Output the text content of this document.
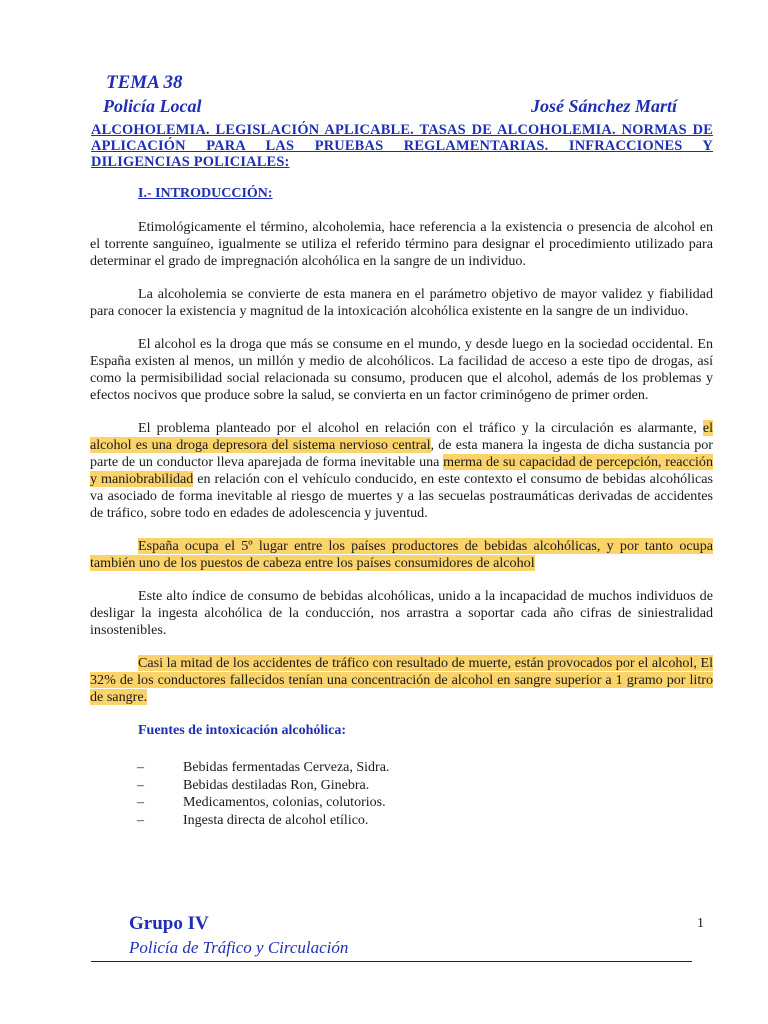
TEMA 38
Policía Local	José Sánchez Martí
ALCOHOLEMIA. LEGISLACIÓN APLICABLE. TASAS DE ALCOHOLEMIA. NORMAS DE APLICACIÓN PARA LAS PRUEBAS REGLAMENTARIAS. INFRACCIONES Y DILIGENCIAS POLICIALES:
I.- INTRODUCCIÓN:

Etimológicamente el término, alcoholemia, hace referencia a la existencia o presencia de alcohol en el torrente sanguíneo, igualmente se utiliza el referido término para designar el procedimiento utilizado para determinar el grado de impregnación alcohólica en la sangre de un individuo.

La alcoholemia se convierte de esta manera en el parámetro objetivo de mayor validez y fiabilidad para conocer la existencia y magnitud de la intoxicación alcohólica existente en la sangre de un individuo.

El alcohol es la droga que más se consume en el mundo, y desde luego en la sociedad occidental. En España existen al menos, un millón y medio de alcohólicos. La facilidad de acceso a este tipo de drogas, así como la permisibilidad social relacionada su consumo, producen que el alcohol, además de los problemas y efectos nocivos que produce sobre la salud, se convierta en un factor criminógeno de primer orden.

El problema planteado por el alcohol en relación con el tráfico y la circulación es alarmante, el alcohol es una droga depresora del sistema nervioso central, de esta manera la ingesta de dicha sustancia por parte de un conductor lleva aparejada de forma inevitable una merma de su capacidad de percepción, reacción y maniobrabilidad en relación con el vehículo conducido, en este contexto el consumo de bebidas alcohólicas va asociado de forma inevitable al riesgo de muertes y a las secuelas postraumáticas derivadas de accidentes de tráfico, sobre todo en edades de adolescencia y juventud.

España ocupa el 5º lugar entre los países productores de bebidas alcohólicas, y por tanto ocupa también uno de los puestos de cabeza entre los países consumidores de alcohol

Este alto índice de consumo de bebidas alcohólicas, unido a la incapacidad de muchos individuos de desligar la ingesta alcohólica de la conducción, nos arrastra a soportar cada año cifras de siniestralidad insostenibles.

Casi la mitad de los accidentes de tráfico con resultado de muerte, están provocados por el alcohol, El 32% de los conductores fallecidos tenían una concentración de alcohol en sangre superior a 1 gramo por litro de sangre.

Fuentes de intoxicación alcohólica:
–	Bebidas fermentadas Cerveza, Sidra.
–	Bebidas destiladas Ron, Ginebra.
–	Medicamentos, colonias, colutorios.
–	Ingesta directa de alcohol etílico.
Grupo IV
Policía de Tráfico y Circulación
1
